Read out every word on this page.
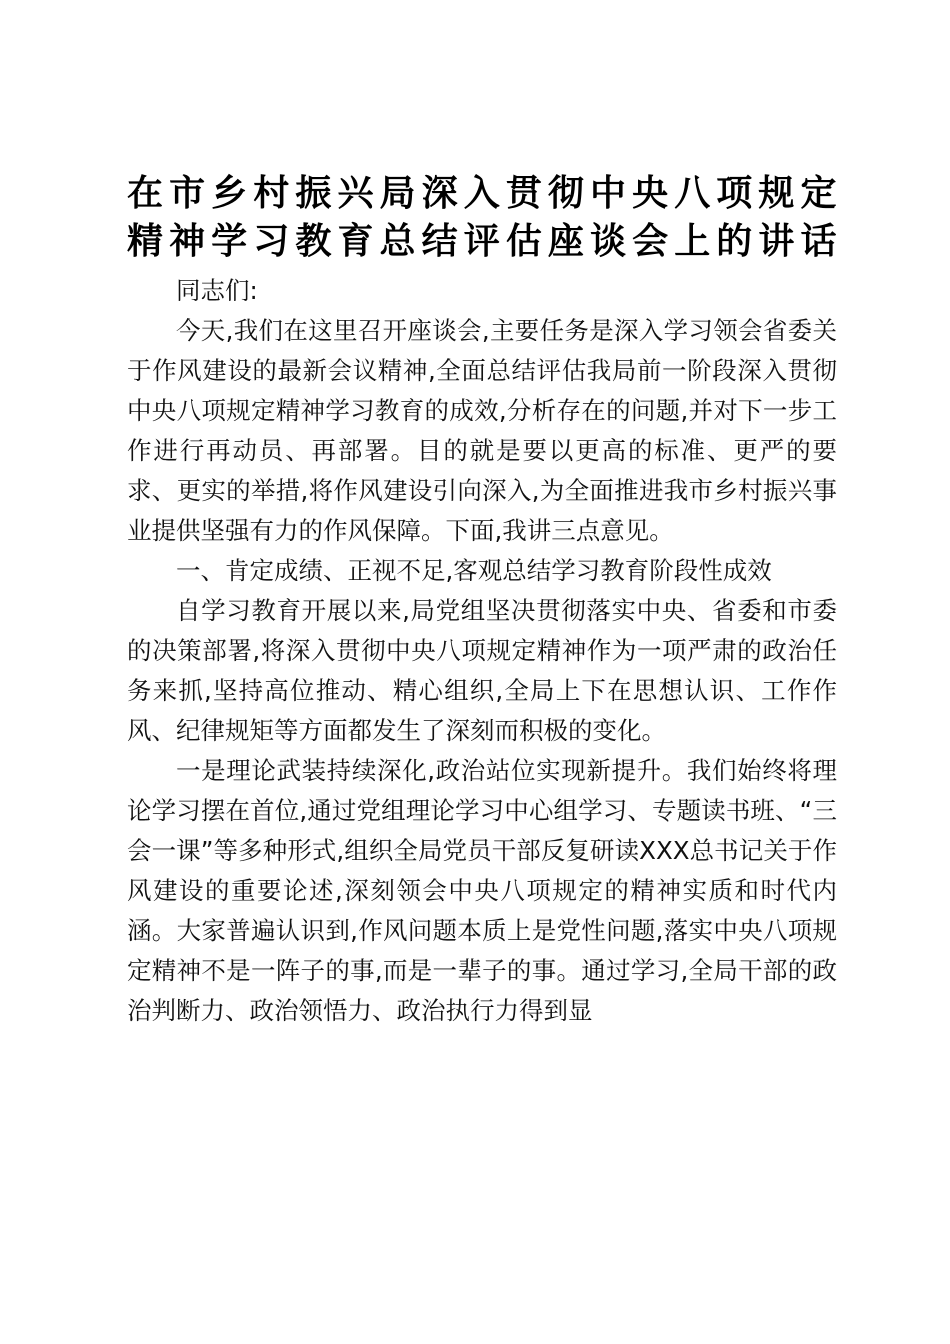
在市乡村振兴局深入贯彻中央八项规定
精神学习教育总结评估座谈会上的讲话

同志们:

今天,我们在这里召开座谈会,主要任务是深入学习领会省委关于作风建设的最新会议精神,全面总结评估我局前一阶段深入贯彻中央八项规定精神学习教育的成效,分析存在的问题,并对下一步工作进行再动员、再部署。目的就是要以更高的标准、更严的要求、更实的举措,将作风建设引向深入,为全面推进我市乡村振兴事业提供坚强有力的作风保障。下面,我讲三点意见。

一、肯定成绩、正视不足,客观总结学习教育阶段性成效

自学习教育开展以来,局党组坚决贯彻落实中央、省委和市委的决策部署,将深入贯彻中央八项规定精神作为一项严肃的政治任务来抓,坚持高位推动、精心组织,全局上下在思想认识、工作作风、纪律规矩等方面都发生了深刻而积极的变化。

一是理论武装持续深化,政治站位实现新提升。我们始终将理论学习摆在首位,通过党组理论学习中心组学习、专题读书班、“三会一课”等多种形式,组织全局党员干部反复研读XXX总书记关于作风建设的重要论述,深刻领会中央八项规定的精神实质和时代内涵。大家普遍认识到,作风问题本质上是党性问题,落实中央八项规定精神不是一阵子的事,而是一辈子的事。通过学习,全局干部的政治判断力、政治领悟力、政治执行力得到显
